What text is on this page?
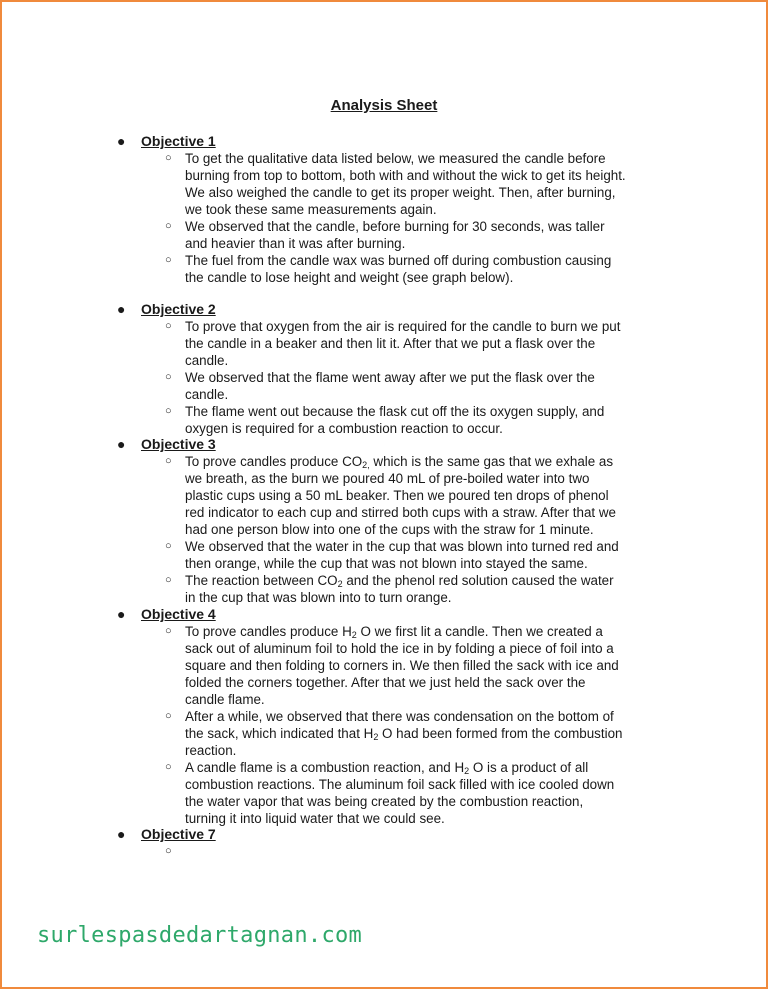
Analysis Sheet
● Objective 1
○ To get the qualitative data listed below, we measured the candle before
burning from top to bottom, both with and without the wick to get its height.
We also weighed the candle to get its proper weight. Then, after burning,
we took these same measurements again.
○ We observed that the candle, before burning for 30 seconds, was taller
and heavier than it was after burning.
○ The fuel from the candle wax was burned off during combustion causing
the candle to lose height and weight (see graph below).
● Objective 2
○ To prove that oxygen from the air is required for the candle to burn we put
the candle in a beaker and then lit it. After that we put a flask over the
candle.
○ We observed that the flame went away after we put the flask over the
candle.
○ The flame went out because the flask cut off the its oxygen supply, and
oxygen is required for a combustion reaction to occur.
● Objective 3
○ To prove candles produce $CO_{2,}$ which is the same gas that we exhale as
we breath, as the burn we poured 40 mL of pre-boiled water into two
plastic cups using a 50 mL beaker. Then we poured ten drops of phenol
red indicator to each cup and stirred both cups with a straw. After that we
had one person blow into one of the cups with the straw for 1 minute.
○ We observed that the water in the cup that was blown into turned red and
then orange, while the cup that was not blown into stayed the same.
○ The reaction between $CO_2$ and the phenol red solution caused the water
in the cup that was blown into to turn orange.
● Objective 4
○ To prove candles produce $H_2$ O we first lit a candle. Then we created a
sack out of aluminum foil to hold the ice in by folding a piece of foil into a
square and then folding to corners in. We then filled the sack with ice and
folded the corners together. After that we just held the sack over the
candle flame.
○ After a while, we observed that there was condensation on the bottom of
the sack, which indicated that $H_2$ O had been formed from the combustion
reaction.
○ A candle flame is a combustion reaction, and $H_2$ O is a product of all
combustion reactions. The aluminum foil sack filled with ice cooled down
the water vapor that was being created by the combustion reaction,
turning it into liquid water that we could see.
● Objective 7
○

surlespasdedartagnan.com
